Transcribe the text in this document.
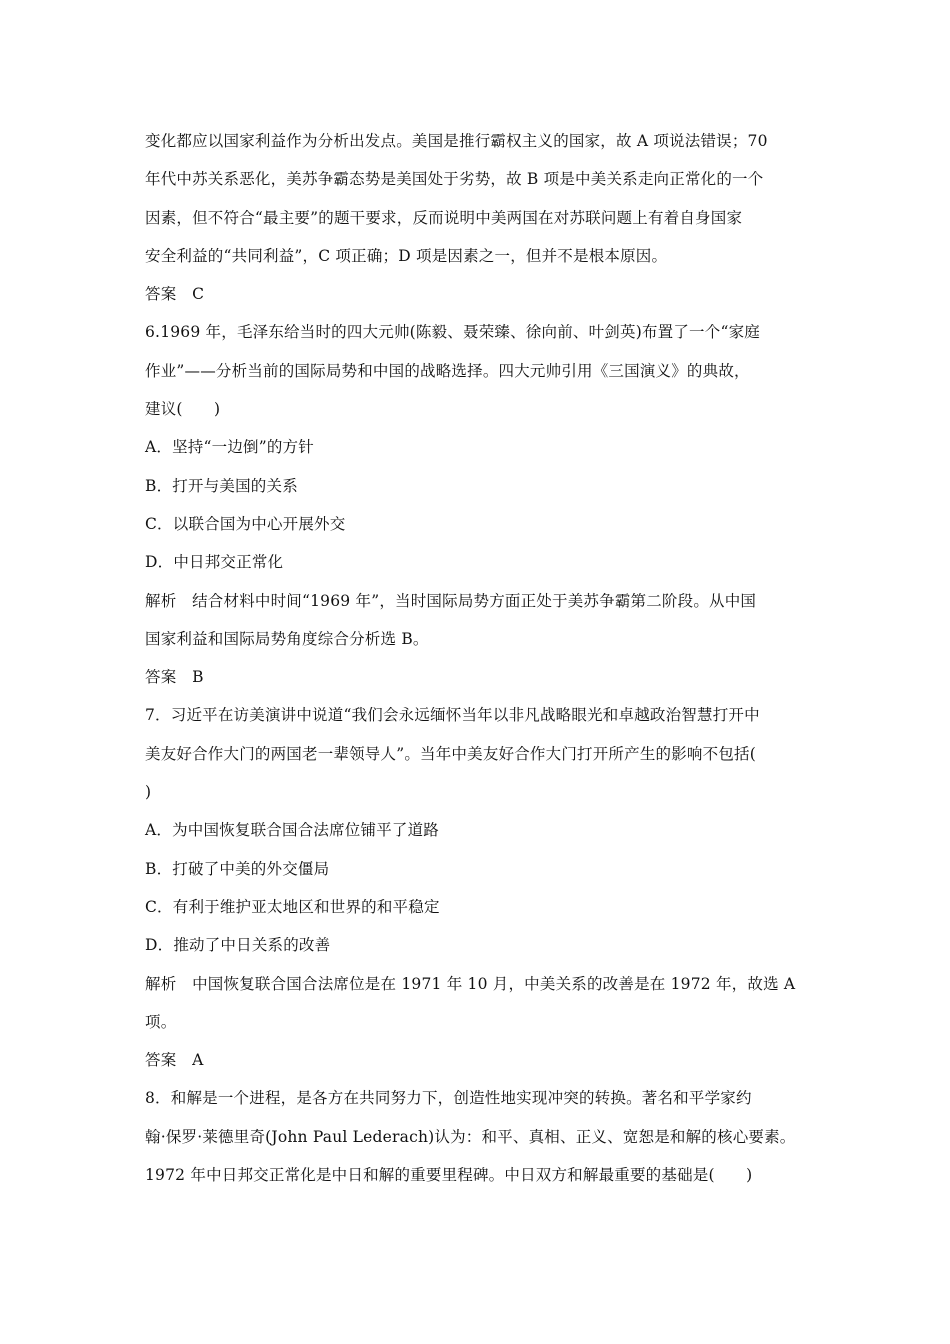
变化都应以国家利益作为分析出发点。美国是推行霸权主义的国家，故 A 项说法错误；70
年代中苏关系恶化，美苏争霸态势是美国处于劣势，故 B 项是中美关系走向正常化的一个
因素，但不符合“最主要”的题干要求，反而说明中美两国在对苏联问题上有着自身国家
安全利益的“共同利益”，C 项正确；D 项是因素之一，但并不是根本原因。
答案　C
6.1969 年，毛泽东给当时的四大元帅(陈毅、聂荣臻、徐向前、叶剑英)布置了一个“家庭
作业”——分析当前的国际局势和中国的战略选择。四大元帅引用《三国演义》的典故，
建议(　　)
A．坚持“一边倒”的方针
B．打开与美国的关系
C．以联合国为中心开展外交
D．中日邦交正常化
解析　结合材料中时间“1969 年”，当时国际局势方面正处于美苏争霸第二阶段。从中国
国家利益和国际局势角度综合分析选 B。
答案　B
7．习近平在访美演讲中说道“我们会永远缅怀当年以非凡战略眼光和卓越政治智慧打开中
美友好合作大门的两国老一辈领导人”。当年中美友好合作大门打开所产生的影响不包括(
)
A．为中国恢复联合国合法席位铺平了道路
B．打破了中美的外交僵局
C．有利于维护亚太地区和世界的和平稳定
D．推动了中日关系的改善
解析　中国恢复联合国合法席位是在 1971 年 10 月，中美关系的改善是在 1972 年，故选 A
项。
答案　A
8．和解是一个进程，是各方在共同努力下，创造性地实现冲突的转换。著名和平学家约
翰·保罗·莱德里奇(John Paul Lederach)认为：和平、真相、正义、宽恕是和解的核心要素。
1972 年中日邦交正常化是中日和解的重要里程碑。中日双方和解最重要的基础是(　　)
